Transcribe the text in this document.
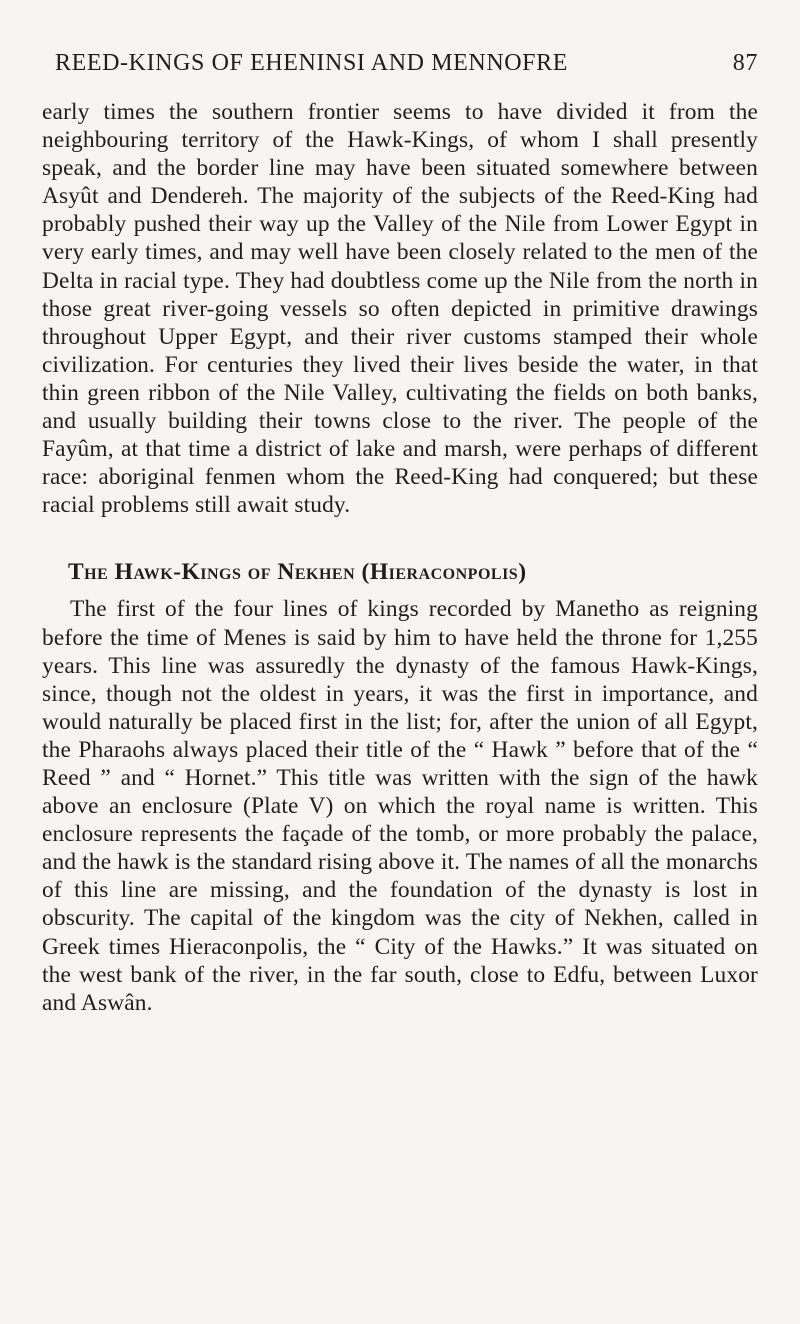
REED-KINGS OF EHENINSI AND MENNOFRE	87

early times the southern frontier seems to have divided it from the neighbouring territory of the Hawk-Kings, of whom I shall presently speak, and the border line may have been situated somewhere between Asyût and Dendereh. The majority of the subjects of the Reed-King had probably pushed their way up the Valley of the Nile from Lower Egypt in very early times, and may well have been closely related to the men of the Delta in racial type. They had doubtless come up the Nile from the north in those great river-going vessels so often depicted in primitive drawings throughout Upper Egypt, and their river customs stamped their whole civilization. For centuries they lived their lives beside the water, in that thin green ribbon of the Nile Valley, cultivating the fields on both banks, and usually building their towns close to the river. The people of the Fayûm, at that time a district of lake and marsh, were perhaps of different race: aboriginal fenmen whom the Reed-King had conquered; but these racial problems still await study.

The Hawk-Kings of Nekhen (Hieraconpolis)

The first of the four lines of kings recorded by Manetho as reigning before the time of Menes is said by him to have held the throne for 1,255 years. This line was assuredly the dynasty of the famous Hawk-Kings, since, though not the oldest in years, it was the first in importance, and would naturally be placed first in the list; for, after the union of all Egypt, the Pharaohs always placed their title of the “ Hawk ” before that of the “ Reed ” and “ Hornet.” This title was written with the sign of the hawk above an enclosure (Plate V) on which the royal name is written. This enclosure represents the façade of the tomb, or more probably the palace, and the hawk is the standard rising above it. The names of all the monarchs of this line are missing, and the foundation of the dynasty is lost in obscurity. The capital of the kingdom was the city of Nekhen, called in Greek times Hieraconpolis, the “ City of the Hawks.” It was situated on the west bank of the river, in the far south, close to Edfu, between Luxor and Aswân.
